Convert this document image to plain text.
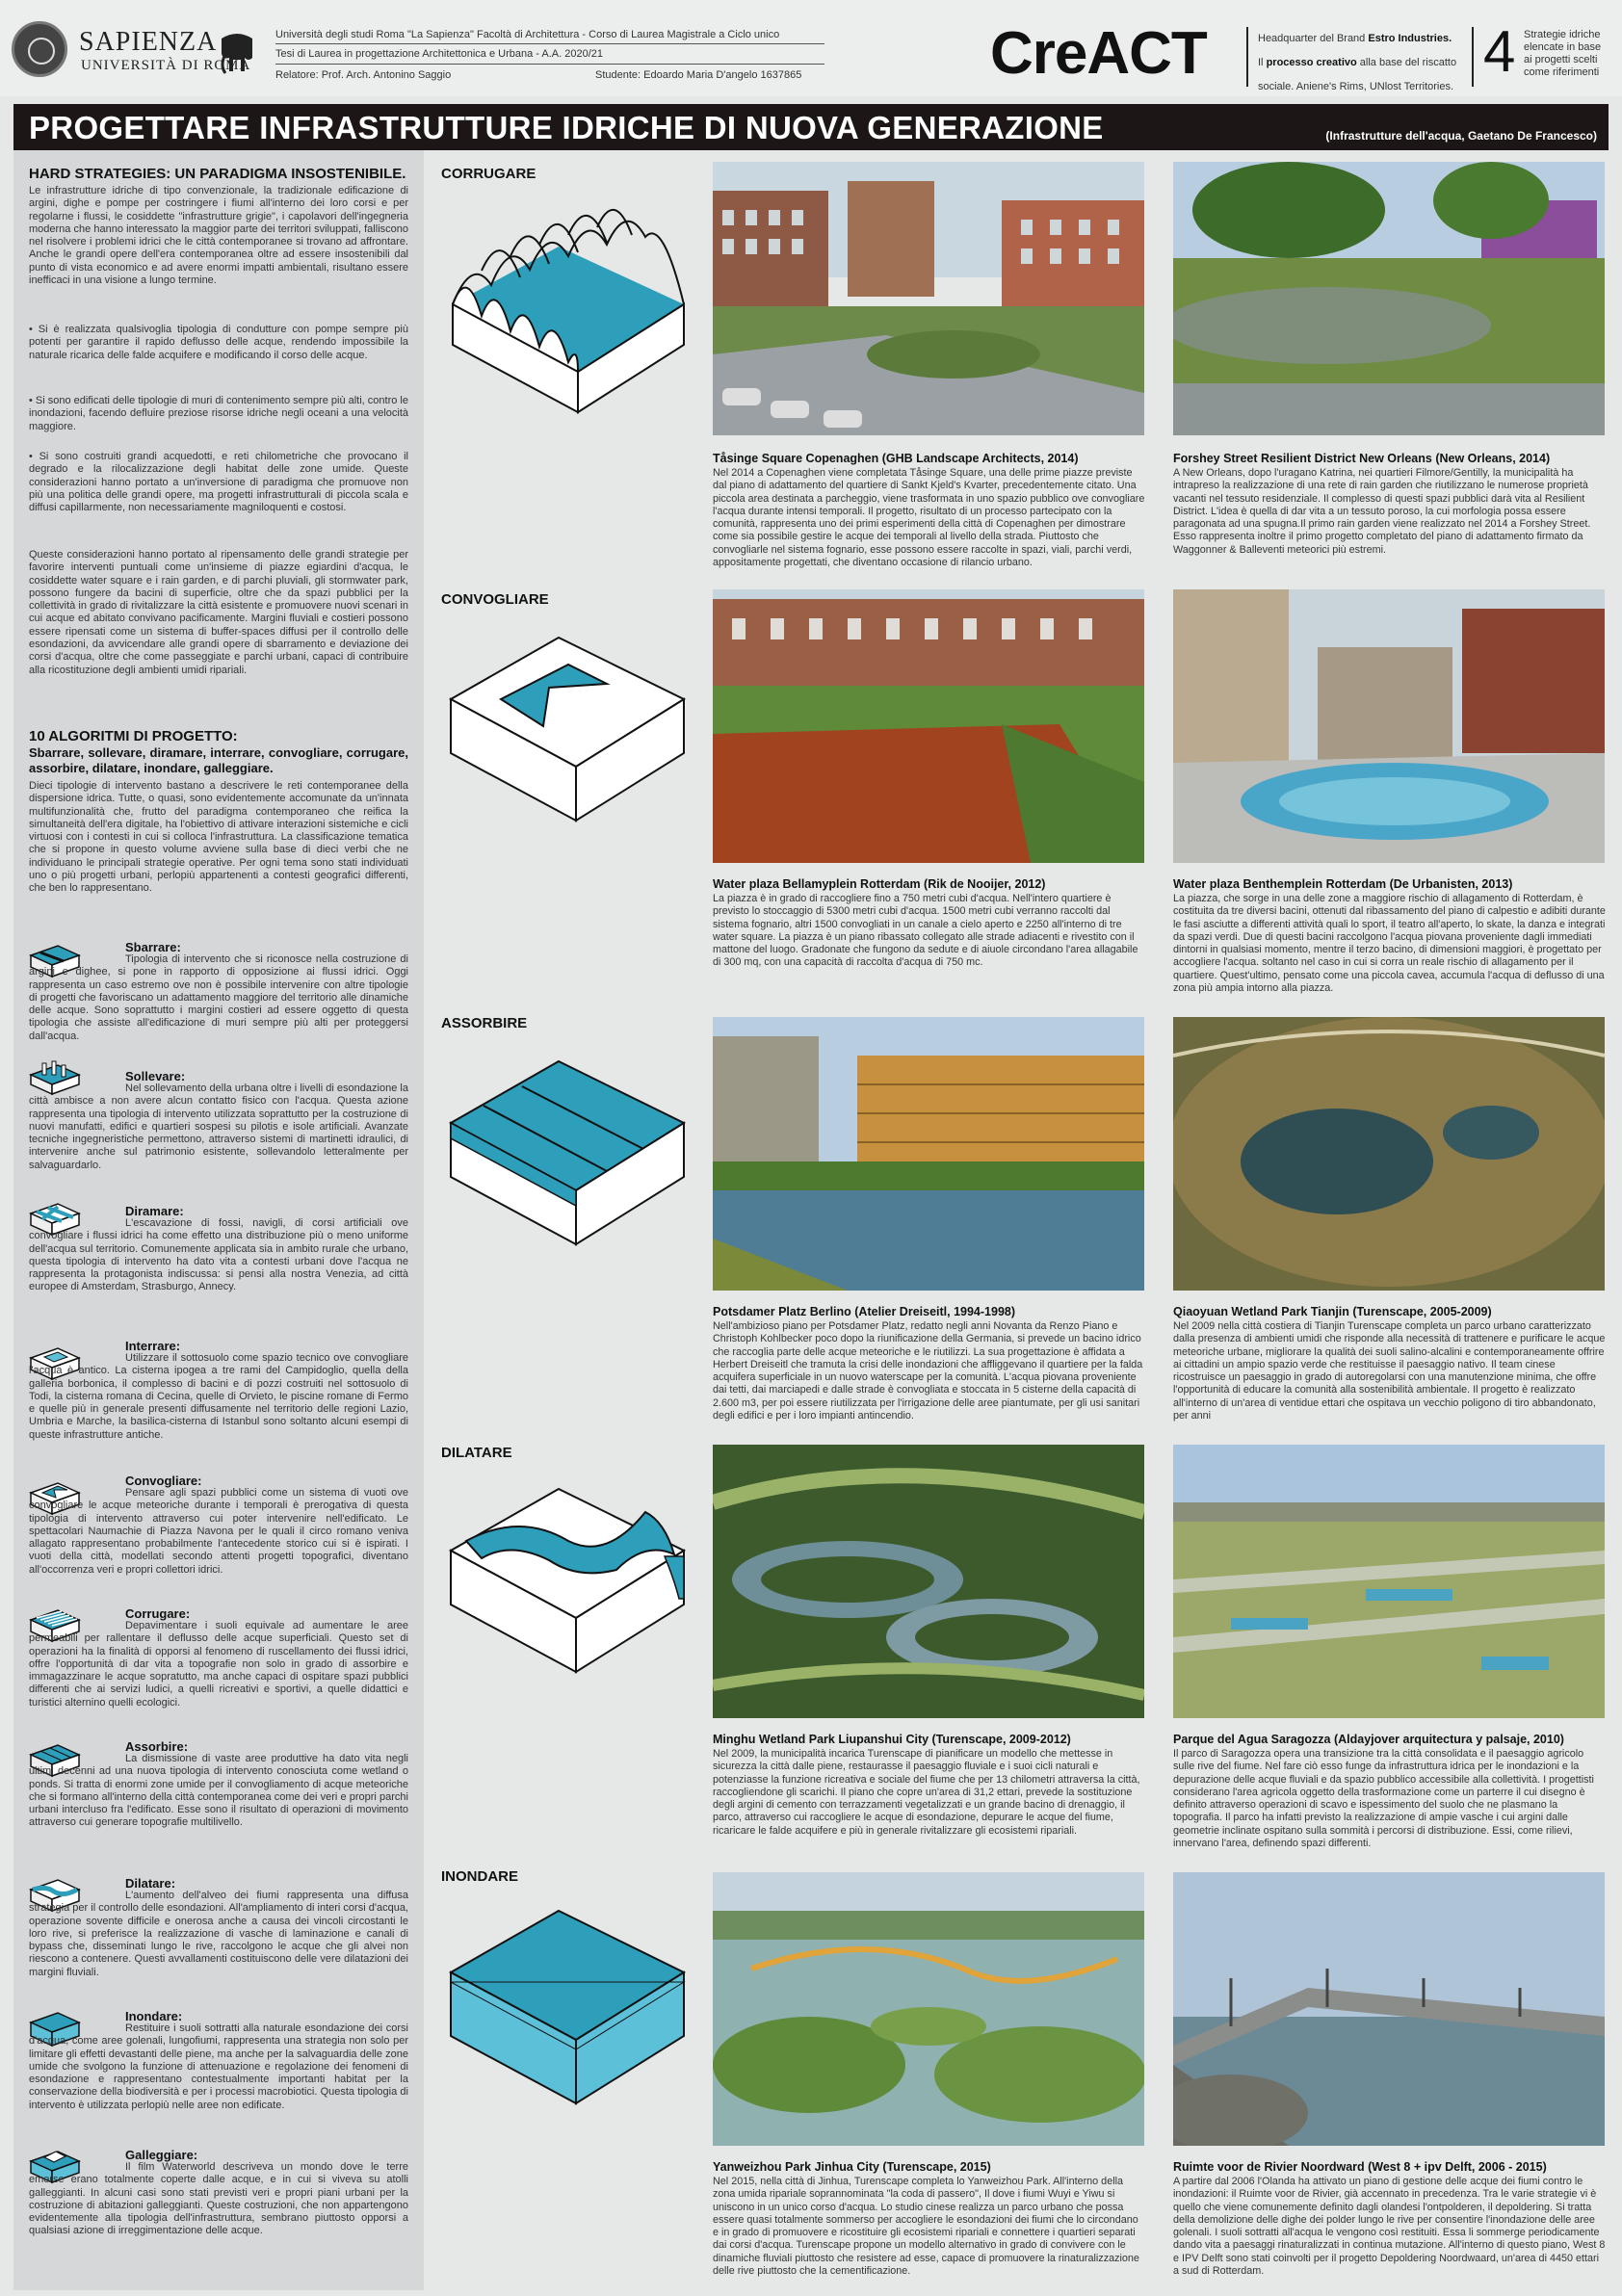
SAPIENZA
UNIVERSITÀ DI ROMA
Università degli studi Roma "La Sapienza" Facoltà di Architettura - Corso di Laurea Magistrale a Ciclo unico
Tesi di Laurea in progettazione Architettonica e Urbana - A.A. 2020/21
Relatore: Prof. Arch. Antonino Saggio	Studente: Edoardo Maria D'angelo 1637865	CreACT	Headquarter del Brand Estro Industries.
Il processo creativo alla base del riscatto
sociale. Aniene's Rims, UNlost Territories.
4 Strategie idriche elencate in base ai progetti scelti come riferimenti
PROGETTARE INFRASTRUTTURE IDRICHE DI NUOVA GENERAZIONE	(Infrastrutture dell'acqua, Gaetano De Francesco)
HARD STRATEGIES: UN PARADIGMA INSOSTENIBILE.
Le infrastrutture idriche di tipo convenzionale, la tradizionale edificazione di argini, dighe e pompe per costringere i fiumi all'interno dei loro corsi e per regolarne i flussi, le cosiddette "infrastrutture grigie", i capolavori dell'ingegneria moderna che hanno interessato la maggior parte dei territori sviluppati, falliscono nel risolvere i problemi idrici che le città contemporanee si trovano ad affrontare. Anche le grandi opere dell'era contemporanea oltre ad essere insostenibili dal punto di vista economico e ad avere enormi impatti ambientali, risultano essere inefficaci in una visione a lungo termine.
• Si è realizzata qualsivoglia tipologia di condutture con pompe sempre più potenti per garantire il rapido deflusso delle acque, rendendo impossibile la naturale ricarica delle falde acquifere e modificando il corso delle acque.
• Si sono edificati delle tipologie di muri di contenimento sempre più alti, contro le inondazioni, facendo defluire preziose risorse idriche negli oceani a una velocità maggiore.
• Si sono costruiti grandi acquedotti, e reti chilometriche che provocano il degrado e la rilocalizzazione degli habitat delle zone umide. Queste considerazioni hanno portato a un'inversione di paradigma che promuove non più una politica delle grandi opere, ma progetti infrastrutturali di piccola scala e diffusi capillarmente, non necessariamente magniloquenti e costosi.
Queste considerazioni hanno portato al ripensamento delle grandi strategie per favorire interventi puntuali come un'insieme di piazze egiardini d'acqua, le cosiddette water square e i rain garden, e di parchi pluviali, gli stormwater park, possono fungere da bacini di superficie, oltre che da spazi pubblici per la collettività in grado di rivitalizzare la città esistente e promuovere nuovi scenari in cui acque ed abitato convivano pacificamente. Margini fluviali e costieri possono essere ripensati come un sistema di buffer-spaces diffusi per il controllo delle esondazioni, da avvicendare alle grandi opere di sbarramento e deviazione dei corsi d'acqua, oltre che come passeggiate e parchi urbani, capaci di contribuire alla ricostituzione degli ambienti umidi ripariali.
10 ALGORITMI DI PROGETTO:
Sbarrare, sollevare, diramare, interrare, convogliare, corrugare, assorbire, dilatare, inondare, galleggiare.
Dieci tipologie di intervento bastano a descrivere le reti contemporanee della dispersione idrica. Tutte, o quasi, sono evidentemente accomunate da un'innata multifunzionalità che, frutto del paradigma contemporaneo che reifica la simultaneità dell'era digitale, ha l'obiettivo di attivare interazioni sistemiche e cicli virtuosi con i contesti in cui si colloca l'infrastruttura. La classificazione tematica che si propone in questo volume avviene sulla base di dieci verbi che ne individuano le principali strategie operative. Per ogni tema sono stati individuati uno o più progetti urbani, perlopiù appartenenti a contesti geografici differenti, che ben lo rappresentano.
Sbarrare:
Tipologia di intervento che si riconosce nella costruzione di argini e dighee, si pone in rapporto di opposizione ai flussi idrici. Oggi rappresenta un caso estremo ove non è possibile intervenire con altre tipologie di progetti che favoriscano un adattamento maggiore del territorio alle dinamiche delle acque. Sono soprattutto i margini costieri ad essere oggetto di questa tipologia che assiste all'edificazione di muri sempre più alti per proteggersi dall'acqua.
Sollevare:
Nel sollevamento della urbana oltre i livelli di esondazione la città ambisce a non avere alcun contatto fisico con l'acqua. Questa azione rappresenta una tipologia di intervento utilizzata soprattutto per la costruzione di nuovi manufatti, edifici e quartieri sospesi su pilotis e isole artificiali. Avanzate tecniche ingegneristiche permettono, attraverso sistemi di martinetti idraulici, di intervenire anche sul patrimonio esistente, sollevandolo letteralmente per salvaguardarlo.
Diramare:
L'escavazione di fossi, navigli, di corsi artificiali ove convogliare i flussi idrici ha come effetto una distribuzione più o meno uniforme dell'acqua sul territorio. Comunemente applicata sia in ambito rurale che urbano, questa tipologia di intervento ha dato vita a contesti urbani dove l'acqua ne rappresenta la protagonista indiscussa: si pensi alla nostra Venezia, ad città europee di Amsterdam, Strasburgo, Annecy.
Interrare:
Utilizzare il sottosuolo come spazio tecnico ove convogliare l'acqua è antico. La cisterna ipogea a tre rami del Campidoglio, quella della galleria borbonica, il complesso di bacini e di pozzi costruiti nel sottosuolo di Todi, la cisterna romana di Cecina, quelle di Orvieto, le piscine romane di Fermo e quelle più in generale presenti diffusamente nel territorio delle regioni Lazio, Umbria e Marche, la basilica-cisterna di Istanbul sono soltanto alcuni esempi di queste infrastrutture antiche.
Convogliare:
Pensare agli spazi pubblici come un sistema di vuoti ove convogliare le acque meteoriche durante i temporali è prerogativa di questa tipologia di intervento attraverso cui poter intervenire nell'edificato. Le spettacolari Naumachie di Piazza Navona per le quali il circo romano veniva allagato rappresentano probabilmente l'antecedente storico cui si è ispirati. I vuoti della città, modellati secondo attenti progetti topografici, diventano all'occorrenza veri e propri collettori idrici.
Corrugare:
Depavimentare i suoli equivale ad aumentare le aree permeabili per rallentare il deflusso delle acque superficiali. Questo set di operazioni ha la finalità di opporsi al fenomeno di ruscellamento dei flussi idrici, offre l'opportunità di dar vita a topografie non solo in grado di assorbire e immagazzinare le acque sopratutto, ma anche capaci di ospitare spazi pubblici differenti che ai servizi ludici, a quelli ricreativi e sportivi, a quelle didattici e turistici alternino quelli ecologici.
Assorbire:
La dismissione di vaste aree produttive ha dato vita negli ultimi decenni ad una nuova tipologia di intervento conosciuta come wetland o ponds. Si tratta di enormi zone umide per il convogliamento di acque meteoriche che si formano all'interno della città contemporanea come dei veri e propri parchi urbani intercluso fra l'edificato. Esse sono il risultato di operazioni di movimento attraverso cui generare topografie multilivello.
Dilatare:
L'aumento dell'alveo dei fiumi rappresenta una diffusa strategia per il controllo delle esondazioni. All'ampliamento di interi corsi d'acqua, operazione sovente difficile e onerosa anche a causa dei vincoli circostanti le loro rive, si preferisce la realizzazione di vasche di laminazione e canali di bypass che, disseminati lungo le rive, raccolgono le acque che gli alvei non riescono a contenere. Questi avvallamenti costituiscono delle vere dilatazioni dei margini fluviali.
Inondare:
Restituire i suoli sottratti alla naturale esondazione dei corsi d'acqua, come aree golenali, lungofiumi, rappresenta una strategia non solo per limitare gli effetti devastanti delle piene, ma anche per la salvaguardia delle zone umide che svolgono la funzione di attenuazione e regolazione dei fenomeni di esondazione e rappresentano contestualmente importanti habitat per la conservazione della biodiversità e per i processi macrobiotici. Questa tipologia di intervento è utilizzata perlopiù nelle aree non edificate.
Galleggiare:
Il film Waterworld descriveva un mondo dove le terre emerse erano totalmente coperte dalle acque, e in cui si viveva su atolli galleggianti. In alcuni casi sono stati previsti veri e propri piani urbani per la costruzione di abitazioni galleggianti. Queste costruzioni, che non appartengono evidentemente alla tipologia dell'infrastruttura, sembrano piuttosto opporsi a qualsiasi azione di irreggimentazione delle acque.
CORRUGARE
Tåsinge Square Copenaghen (GHB Landscape Architects, 2014)
Nel 2014 a Copenaghen viene completata Tåsinge Square, una delle prime piazze previste dal piano di adattamento del quartiere di Sankt Kjeld's Kvarter, precedentemente citato. Una piccola area destinata a parcheggio, viene trasformata in uno spazio pubblico ove convogliare l'acqua durante intensi temporali. Il progetto, risultato di un processo partecipato con la comunità, rappresenta uno dei primi esperimenti della città di Copenaghen per dimostrare come sia possibile gestire le acque dei temporali al livello della strada. Piuttosto che convogliarle nel sistema fognario, esse possono essere raccolte in spazi, viali, parchi verdi, appositamente progettati, che diventano occasione di rilancio urbano.
Forshey Street Resilient District New Orleans (New Orleans, 2014)
A New Orleans, dopo l'uragano Katrina, nei quartieri Filmore/Gentilly, la municipalità ha intrapreso la realizzazione di una rete di rain garden che riutilizzano le numerose proprietà vacanti nel tessuto residenziale. Il complesso di questi spazi pubblici darà vita al Resilient District. L'idea è quella di dar vita a un tessuto poroso, la cui morfologia possa essere paragonata ad una spugna.Il primo rain garden viene realizzato nel 2014 a Forshey Street. Esso rappresenta inoltre il primo progetto completato del piano di adattamento firmato da Waggonner & Balleventi meteorici più estremi.
CONVOGLIARE
Water plaza Bellamyplein Rotterdam (Rik de Nooijer, 2012)
La piazza è in grado di raccogliere fino a 750 metri cubi d'acqua. Nell'intero quartiere è previsto lo stoccaggio di 5300 metri cubi d'acqua. 1500 metri cubi verranno raccolti dal sistema fognario, altri 1500 convogliati in un canale a cielo aperto e 2250 all'interno di tre water square. La piazza è un piano ribassato collegato alle strade adiacenti e rivestito con il mattone del luogo. Gradonate che fungono da sedute e di aiuole circondano l'area allagabile di 300 mq, con una capacità di raccolta d'acqua di 750 mc.
Water plaza Benthemplein Rotterdam (De Urbanisten, 2013)
La piazza, che sorge in una delle zone a maggiore rischio di allagamento di Rotterdam, è costituita da tre diversi bacini, ottenuti dal ribassamento del piano di calpestio e adibiti durante le fasi asciutte a differenti attività quali lo sport, il teatro all'aperto, lo skate, la danza e integrati da spazi verdi. Due di questi bacini raccolgono l'acqua piovana proveniente dagli immediati dintorni in qualsiasi momento, mentre il terzo bacino, di dimensioni maggiori, è progettato per accogliere l'acqua. soltanto nel caso in cui si corra un reale rischio di allagamento per il quartiere. Quest'ultimo, pensato come una piccola cavea, accumula l'acqua di deflusso di una zona più ampia intorno alla piazza.
ASSORBIRE
Potsdamer Platz Berlino (Atelier Dreiseitl, 1994-1998)
Nell'ambizioso piano per Potsdamer Platz, redatto negli anni Novanta da Renzo Piano e Christoph Kohlbecker poco dopo la riunificazione della Germania, si prevede un bacino idrico che raccoglia parte delle acque meteoriche e le riutilizzi. La sua progettazione è affidata a Herbert Dreiseitl che tramuta la crisi delle inondazioni che affliggevano il quartiere per la falda acquifera superficiale in un nuovo waterscape per la comunità. L'acqua piovana proveniente dai tetti, dai marciapedi e dalle strade è convogliata e stoccata in 5 cisterne della capacità di 2.600 m3, per poi essere riutilizzata per l'irrigazione delle aree piantumate, per gli usi sanitari degli edifici e per i loro impianti antincendio.
Qiaoyuan Wetland Park Tianjin (Turenscape, 2005-2009)
Nel 2009 nella città costiera di Tianjin Turenscape completa un parco urbano caratterizzato dalla presenza di ambienti umidi che risponde alla necessità di trattenere e purificare le acque meteoriche urbane, migliorare la qualità dei suoli salino-alcalini e contemporaneamente offrire ai cittadini un ampio spazio verde che restituisse il paesaggio nativo. Il team cinese ricostruisce un paesaggio in grado di autoregolarsi con una manutenzione minima, che offre l'opportunità di educare la comunità alla sostenibilità ambientale. Il progetto è realizzato all'interno di un'area di ventidue ettari che ospitava un vecchio poligono di tiro abbandonato, per anni
DILATARE
Minghu Wetland Park Liupanshui City (Turenscape, 2009-2012)
Nel 2009, la municipalità incarica Turenscape di pianificare un modello che mettesse in sicurezza la città dalle piene, restaurasse il paesaggio fluviale e i suoi cicli naturali e potenziasse la funzione ricreativa e sociale del fiume che per 13 chilometri attraversa la città, raccogliendone gli scarichi. Il piano che copre un'area di 31,2 ettari, prevede la sostituzione degli argini di cemento con terrazzamenti vegetalizzati e un grande bacino di drenaggio, il parco, attraverso cui raccogliere le acque di esondazione, depurare le acque del fiume, ricaricare le falde acquifere e più in generale rivitalizzare gli ecosistemi ripariali.
Parque del Agua Saragozza (Aldayjover arquitectura y palsaje, 2010)
Il parco di Saragozza opera una transizione tra la città consolidata e il paesaggio agricolo sulle rive del fiume. Nel fare ciò esso funge da infrastruttura idrica per le inondazioni e la depurazione delle acque fluviali e da spazio pubblico accessibile alla collettività. I progettisti considerano l'area agricola oggetto della trasformazione come un parterre il cui disegno è definito attraverso operazioni di scavo e ispessimento del suolo che ne plasmano la topografia. Il parco ha infatti previsto la realizzazione di ampie vasche i cui argini dalle geometrie inclinate ospitano sulla sommità i percorsi di distribuzione. Essi, come rilievi, innervano l'area, definendo spazi differenti.
INONDARE
Yanweizhou Park Jinhua City (Turenscape, 2015)
Nel 2015, nella città di Jinhua, Turenscape completa lo Yanweizhou Park. All'interno della zona umida ripariale soprannominata "la coda di passero", Il dove i fiumi Wuyi e Yiwu si uniscono in un unico corso d'acqua. Lo studio cinese realizza un parco urbano che possa essere quasi totalmente sommerso per accogliere le esondazioni dei fiumi che lo circondano e in grado di promuovere e ricostituire gli ecosistemi ripariali e connettere i quartieri separati dai corsi d'acqua. Turenscape propone un modello alternativo in grado di convivere con le dinamiche fluviali piuttosto che resistere ad esse, capace di promuovere la rinaturalizzazione delle rive piuttosto che la cementificazione.
Ruimte voor de Rivier Noordward (West 8 + ipv Delft, 2006 - 2015)
A partire dal 2006 l'Olanda ha attivato un piano di gestione delle acque dei fiumi contro le inondazioni: il Ruimte voor de Rivier, già accennato in precedenza. Tra le varie strategie vi è quello che viene comunemente definito dagli olandesi l'ontpolderen, il depoldering. Si tratta della demolizione delle dighe dei polder lungo le rive per consentire l'inondazione delle aree golenali. I suoli sottratti all'acqua le vengono così restituiti. Essa li sommerge periodicamente dando vita a paesaggi rinaturalizzati in continua mutazione. All'interno di questo piano, West 8 e IPV Delft sono stati coinvolti per il progetto Depoldering Noordwaard, un'area di 4450 ettari a sud di Rotterdam.
